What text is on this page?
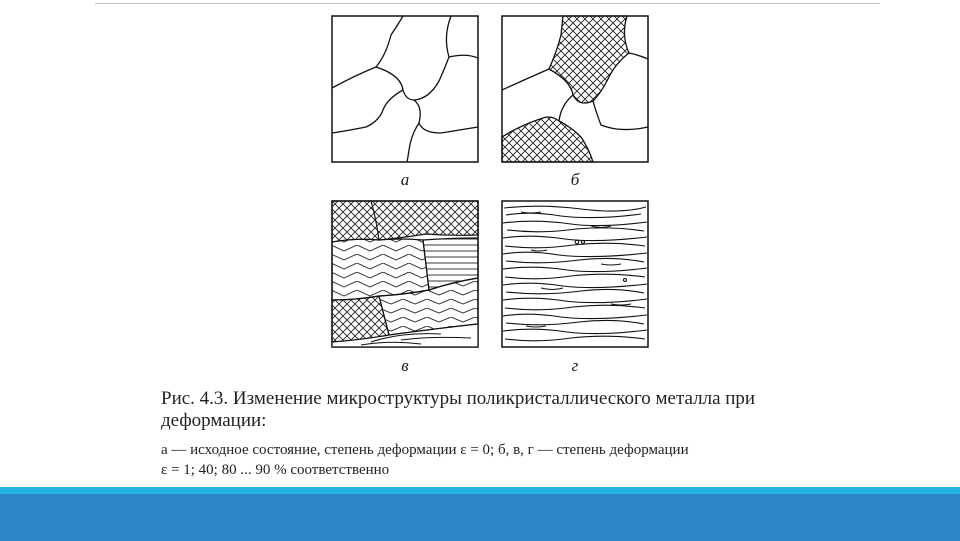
а	б
в	г
Рис. 4.3. Изменение микроструктуры поликристаллического металла при деформации:
а — исходное состояние, степень деформации ε = 0; б, в, г — степень деформации
ε = 1; 40; 80 ... 90 % соответственно
